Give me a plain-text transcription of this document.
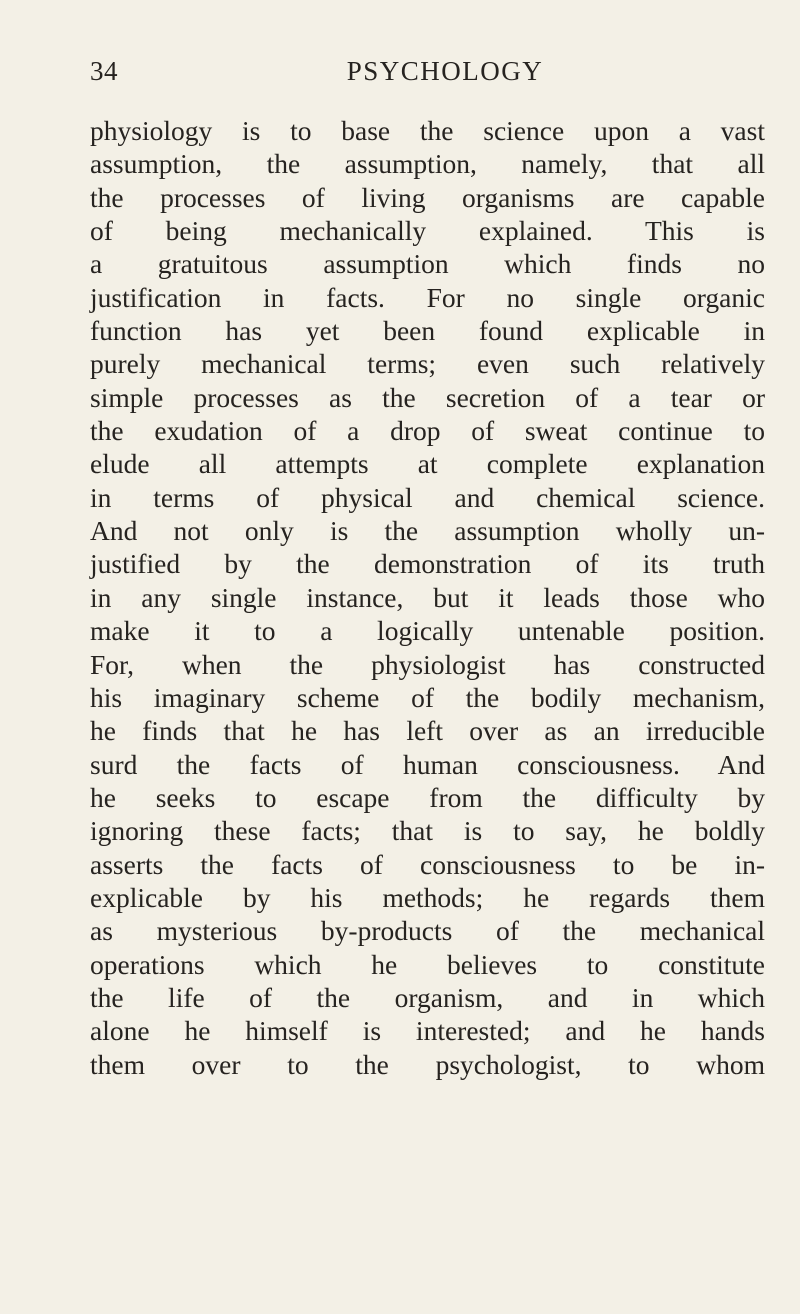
34	PSYCHOLOGY
physiology is to base the science upon a vast
assumption, the assumption, namely, that all
the processes of living organisms are capable
of being mechanically explained. This is
a gratuitous assumption which finds no
justification in facts. For no single organic
function has yet been found explicable in
purely mechanical terms; even such relatively
simple processes as the secretion of a tear or
the exudation of a drop of sweat continue to
elude all attempts at complete explanation
in terms of physical and chemical science.
And not only is the assumption wholly un-
justified by the demonstration of its truth
in any single instance, but it leads those who
make it to a logically untenable position.
For, when the physiologist has constructed
his imaginary scheme of the bodily mechanism,
he finds that he has left over as an irreducible
surd the facts of human consciousness. And
he seeks to escape from the difficulty by
ignoring these facts; that is to say, he boldly
asserts the facts of consciousness to be in-
explicable by his methods; he regards them
as mysterious by-products of the mechanical
operations which he believes to constitute
the life of the organism, and in which
alone he himself is interested; and he hands
them over to the psychologist, to whom
